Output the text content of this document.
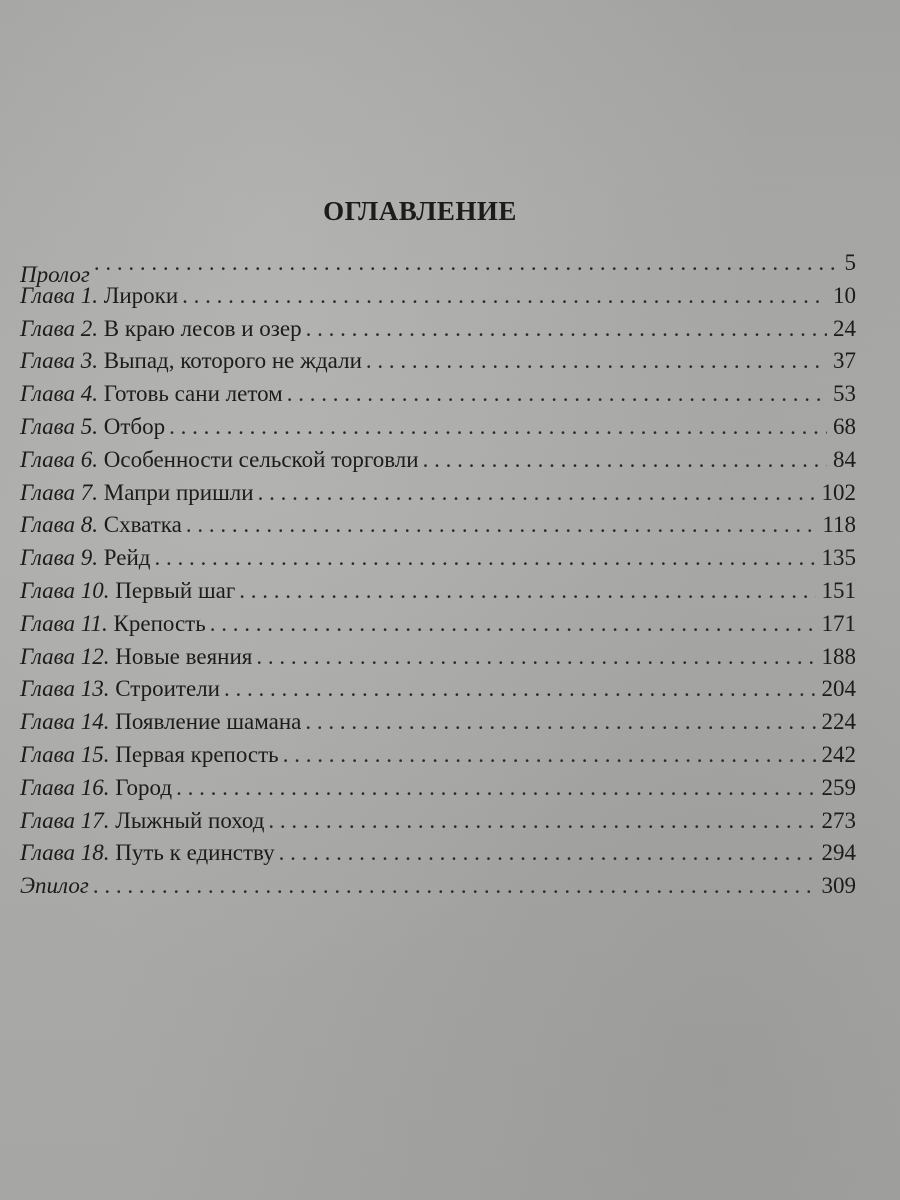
ОГЛАВЛЕНИЕ
Пролог . . .	5
Глава 1. Лироки . . .	10
Глава 2. В краю лесов и озер . . .	24
Глава 3. Выпад, которого не ждали . . .	37
Глава 4. Готовь сани летом . . .	53
Глава 5. Отбор . . .	68
Глава 6. Особенности сельской торговли . . .	84
Глава 7. Мапри пришли . . .	102
Глава 8. Схватка . . .	118
Глава 9. Рейд . . .	135
Глава 10. Первый шаг . . .	151
Глава 11. Крепость . . .	171
Глава 12. Новые веяния . . .	188
Глава 13. Строители . . .	204
Глава 14. Появление шамана . . .	224
Глава 15. Первая крепость . . .	242
Глава 16. Город . . .	259
Глава 17. Лыжный поход . . .	273
Глава 18. Путь к единству . . .	294
Эпилог . . .	309
